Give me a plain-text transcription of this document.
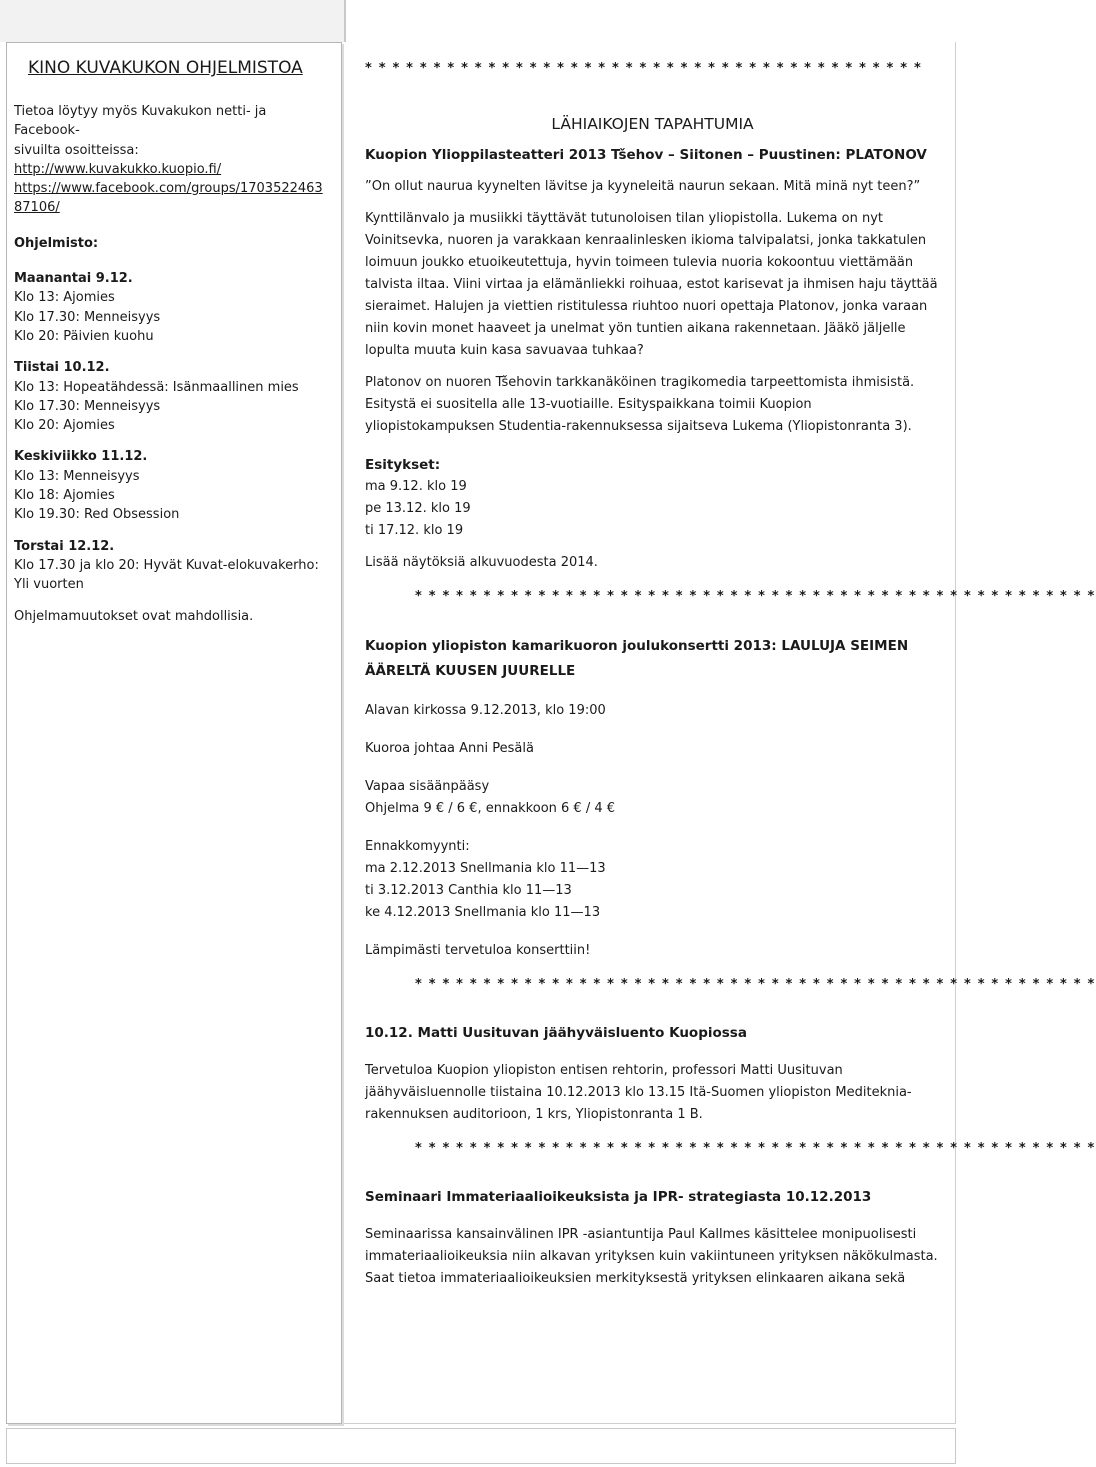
KINO KUVAKUKON OHJELMISTOA
Tietoa löytyy myös Kuvakukon netti- ja Facebook-
sivuilta osoitteissa:
http://www.kuvakukko.kuopio.fi/
https://www.facebook.com/groups/1703522463
87106/
Ohjelmisto:
Maanantai 9.12.
Klo 13: Ajomies
Klo 17.30: Menneisyys
Klo 20: Päivien kuohu
Tiistai 10.12.
Klo 13: Hopeatähdessä: Isänmaallinen mies
Klo 17.30: Menneisyys
Klo 20: Ajomies
Keskiviikko 11.12.
Klo 13: Menneisyys
Klo 18: Ajomies
Klo 19.30: Red Obsession
Torstai 12.12.
Klo 17.30 ja klo 20: Hyvät Kuvat-elokuvakerho: Yli vuorten
Ohjelmamuutokset ovat mahdollisia.
* * * * * * * * * * * * * * * * * * * * * * * * * * * * * * * * * * * * * * * * *
LÄHIAIKOJEN TAPAHTUMIA

Kuopion Ylioppilasteatteri 2013 Tšehov – Siitonen – Puustinen: PLATONOV

”On ollut naurua kyynelten lävitse ja kyyneleitä naurun sekaan. Mitä minä nyt teen?”

Kynttilänvalo ja musiikki täyttävät tutunoloisen tilan yliopistolla. Lukema on nyt Voinitsevka, nuoren ja varakkaan kenraalinlesken ikioma talvipalatsi, jonka takkatulen loimuun joukko etuoikeutettuja, hyvin toimeen tulevia nuoria kokoontuu viettämään talvista iltaa. Viini virtaa ja elämänliekki roihuaa, estot karisevat ja ihmisen haju täyttää sieraimet. Halujen ja viettien ristitulessa riuhtoo nuori opettaja Platonov, jonka varaan niin kovin monet haaveet ja unelmat yön tuntien aikana rakennetaan. Jääkö jäljelle lopulta muuta kuin kasa savuavaa tuhkaa?

Platonov on nuoren Tšehovin tarkkanäköinen tragikomedia tarpeettomista ihmisistä. Esitystä ei suositella alle 13-vuotiaille. Esityspaikkana toimii Kuopion yliopistokampuksen Studentia-rakennuksessa sijaitseva Lukema (Yliopistonranta 3).

Esitykset:

ma 9.12. klo 19
pe 13.12. klo 19
ti 17.12. klo 19

Lisää näytöksiä alkuvuodesta 2014.

* * * * * * * * * * * * * * * * * * * * * * * * * * * * * * * * * * * * * * * * * * * * * * * * * *

Kuopion yliopiston kamarikuoron joulukonsertti 2013: LAULUJA SEIMEN ÄÄRELTÄ KUUSEN JUURELLE

Alavan kirkossa 9.12.2013, klo 19:00

Kuoroa johtaa Anni Pesälä

Vapaa sisäänpääsy

Ohjelma 9 € / 6 €, ennakkoon 6 € / 4 €

Ennakkomyynti:

ma 2.12.2013 Snellmania klo 11—13
ti 3.12.2013 Canthia klo 11—13
ke 4.12.2013 Snellmania klo 11—13

Lämpimästi tervetuloa konserttiin!

* * * * * * * * * * * * * * * * * * * * * * * * * * * * * * * * * * * * * * * * * * * * * * * * * *

10.12. Matti Uusituvan jäähyväisluento Kuopiossa

Tervetuloa Kuopion yliopiston entisen rehtorin, professori Matti Uusituvan jäähyväisluennolle tiistaina 10.12.2013 klo 13.15 Itä-Suomen yliopiston Mediteknia-rakennuksen auditorioon, 1 krs, Yliopistonranta 1 B.

* * * * * * * * * * * * * * * * * * * * * * * * * * * * * * * * * * * * * * * * * * * * * * * * * *

Seminaari Immateriaalioikeuksista ja IPR- strategiasta 10.12.2013

Seminaarissa kansainvälinen IPR -asiantuntija Paul Kallmes käsittelee monipuolisesti immateriaalioikeuksia niin alkavan yrityksen kuin vakiintuneen yrityksen näkökulmasta. Saat tietoa immateriaalioikeuksien merkityksestä yrityksen elinkaaren aikana sekä
